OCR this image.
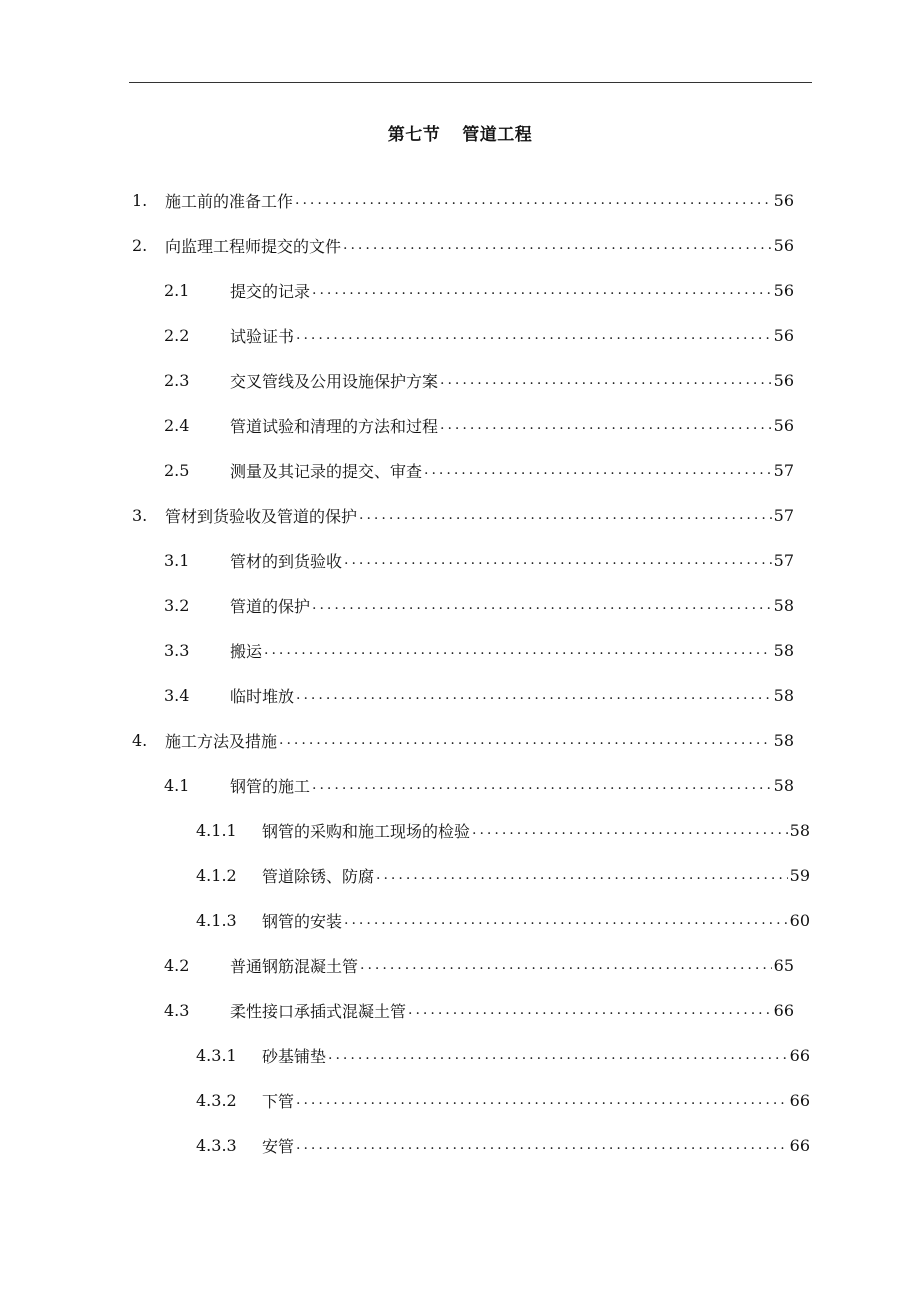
第七节 管道工程
1.	施工前的准备工作 .....	56
2.	向监理工程师提交的文件 .....	56
2.1	提交的记录 .....	56
2.2	试验证书 .....	56
2.3	交叉管线及公用设施保护方案 .....	56
2.4	管道试验和清理的方法和过程 .....	56
2.5	测量及其记录的提交、审查 .....	57
3.	管材到货验收及管道的保护 .....	57
3.1	管材的到货验收 .....	57
3.2	管道的保护 .....	58
3.3	搬运 .....	58
3.4	临时堆放 .....	58
4.	施工方法及措施 .....	58
4.1	钢管的施工 .....	58
4.1.1	钢管的采购和施工现场的检验 .....	58
4.1.2	管道除锈、防腐 .....	59
4.1.3	钢管的安装 .....	60
4.2	普通钢筋混凝土管 .....	65
4.3	柔性接口承插式混凝土管 .....	66
4.3.1	砂基铺垫 .....	66
4.3.2	下管 .....	66
4.3.3	安管 .....	66
